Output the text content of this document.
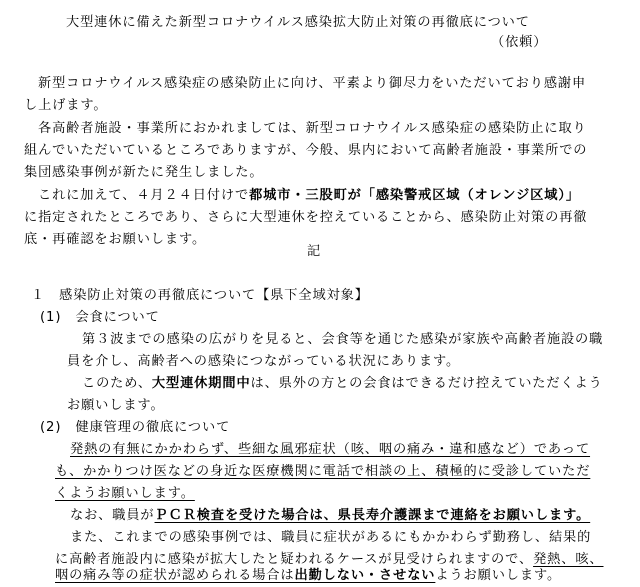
大型連休に備えた新型コロナウイルス感染拡大防止対策の再徹底について
（依頼）
新型コロナウイルス感染症の感染防止に向け、平素より御尽力をいただいており感謝申
し上げます。
各高齢者施設・事業所におかれましては、新型コロナウイルス感染症の感染防止に取り
組んでいただいているところでありますが、今般、県内において高齢者施設・事業所での
集団感染事例が新たに発生しました。
これに加えて、４月２４日付けで都城市・三股町が「感染警戒区域（オレンジ区域）」
に指定されたところであり、さらに大型連休を控えていることから、感染防止対策の再徹
底・再確認をお願いします。
記
１　感染防止対策の再徹底について【県下全域対象】
(1)　会食について
第３波までの感染の広がりを見ると、会食等を通じた感染が家族や高齢者施設の職
員を介し、高齢者への感染につながっている状況にあります。
このため、大型連休期間中は、県外の方との会食はできるだけ控えていただくよう
お願いします。
(2)　健康管理の徹底について
発熱の有無にかかわらず、些細な風邪症状（咳、咽の痛み・違和感など）であって
も、かかりつけ医などの身近な医療機関に電話で相談の上、積極的に受診していただ
くようお願いします。
なお、職員がＰＣＲ検査を受けた場合は、県長寿介護課まで連絡をお願いします。
また、これまでの感染事例では、職員に症状があるにもかかわらず勤務し、結果的
に高齢者施設内に感染が拡大したと疑われるケースが見受けられますので、発熱、咳、
咽の痛み等の症状が認められる場合は出勤しない・させないようお願いします。
